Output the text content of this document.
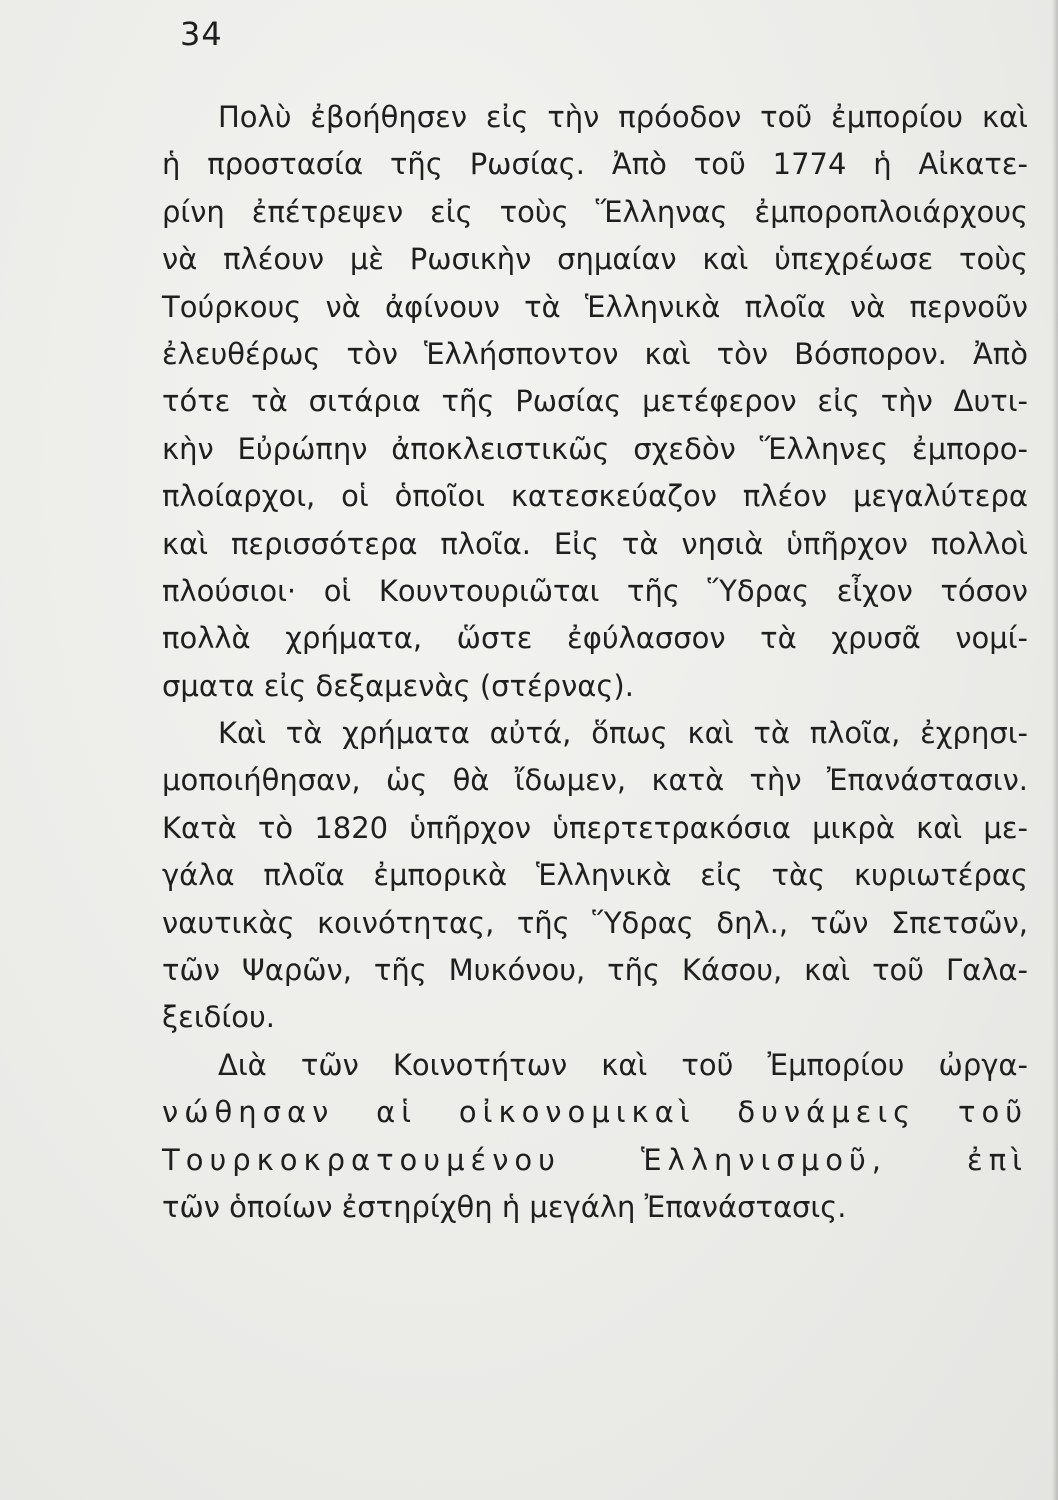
34
Πολὺ ἐβοήθησεν εἰς τὴν πρόοδον τοῦ ἐμπορίου καὶ
ἡ προστασία τῆς Ρωσίας. Ἀπὸ τοῦ 1774 ἡ Αἰκατε-
ρίνη ἐπέτρεψεν εἰς τοὺς Ἕλληνας ἐμποροπλοιάρχους
νὰ πλέουν μὲ Ρωσικὴν σημαίαν καὶ ὑπεχρέωσε τοὺς
Τούρκους νὰ ἀφίνουν τὰ Ἑλληνικὰ πλοῖα νὰ περνοῦν
ἐλευθέρως τὸν Ἑλλήσποντον καὶ τὸν Βόσπορον. Ἀπὸ
τότε τὰ σιτάρια τῆς Ρωσίας μετέφερον εἰς τὴν Δυτι-
κὴν Εὐρώπην ἀποκλειστικῶς σχεδὸν Ἕλληνες ἐμπορο-
πλοίαρχοι, οἱ ὁποῖοι κατεσκεύαζον πλέον μεγαλύτερα
καὶ περισσότερα πλοῖα. Εἰς τὰ νησιὰ ὑπῆρχον πολλοὶ
πλούσιοι· οἱ Κουντουριῶται τῆς Ὕδρας εἶχον τόσον
πολλὰ χρήματα, ὥστε ἐφύλασσον τὰ χρυσᾶ νομί-
σματα εἰς δεξαμενὰς (στέρνας).
Καὶ τὰ χρήματα αὐτά, ὅπως καὶ τὰ πλοῖα, ἐχρησι-
μοποιήθησαν, ὡς θὰ ἴδωμεν, κατὰ τὴν Ἐπανάστασιν.
Κατὰ τὸ 1820 ὑπῆρχον ὑπερτετρακόσια μικρὰ καὶ με-
γάλα πλοῖα ἐμπορικὰ Ἑλληνικὰ εἰς τὰς κυριωτέρας
ναυτικὰς κοινότητας, τῆς Ὕδρας δηλ., τῶν Σπετσῶν,
τῶν Ψαρῶν, τῆς Μυκόνου, τῆς Κάσου, καὶ τοῦ Γαλα-
ξειδίου.
Διὰ τῶν Κοινοτήτων καὶ τοῦ Ἐμπορίου ὠργα-
νώθησαν αἱ οἰκονομικαὶ δυνάμεις τοῦ
Τουρκοκρατουμένου Ἑλληνισμοῦ, ἐπὶ
τῶν ὁποίων ἐστηρίχθη ἡ μεγάλη Ἐπανάστασις.
